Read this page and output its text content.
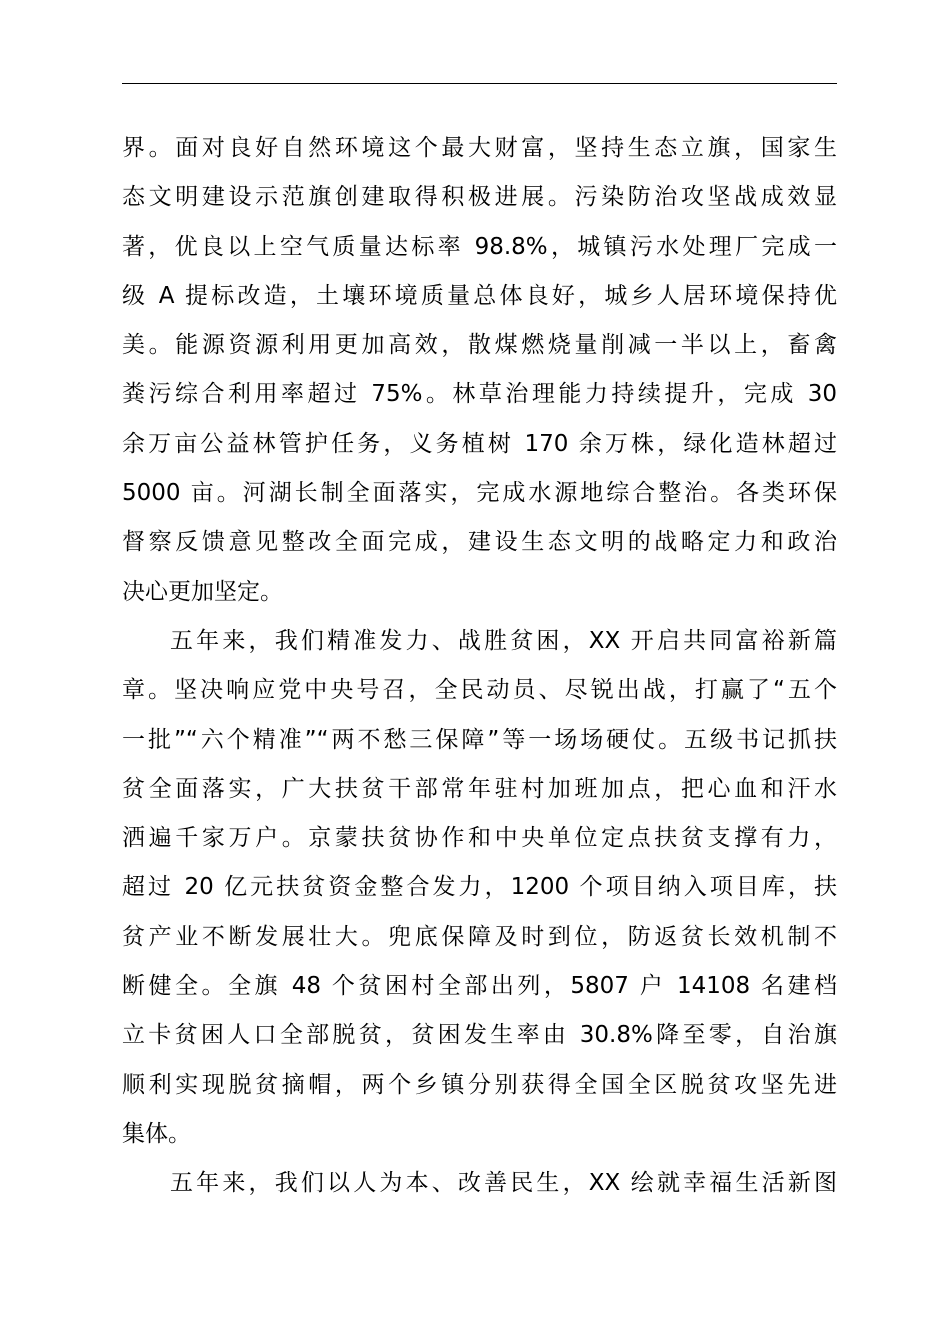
界。面对良好自然环境这个最大财富，坚持生态立旗，国家生
态文明建设示范旗创建取得积极进展。污染防治攻坚战成效显
著，优良以上空气质量达标率 98.8%，城镇污水处理厂完成一
级 A 提标改造，土壤环境质量总体良好，城乡人居环境保持优
美。能源资源利用更加高效，散煤燃烧量削减一半以上，畜禽
粪污综合利用率超过 75%。林草治理能力持续提升，完成 30
余万亩公益林管护任务，义务植树 170 余万株，绿化造林超过
5000 亩。河湖长制全面落实，完成水源地综合整治。各类环保
督察反馈意见整改全面完成，建设生态文明的战略定力和政治
决心更加坚定。
五年来，我们精准发力、战胜贫困，XX 开启共同富裕新篇
章。坚决响应党中央号召，全民动员、尽锐出战，打赢了“五个
一批”“六个精准”“两不愁三保障”等一场场硬仗。五级书记抓扶
贫全面落实，广大扶贫干部常年驻村加班加点，把心血和汗水
洒遍千家万户。京蒙扶贫协作和中央单位定点扶贫支撑有力，
超过 20 亿元扶贫资金整合发力，1200 个项目纳入项目库，扶
贫产业不断发展壮大。兜底保障及时到位，防返贫长效机制不
断健全。全旗 48 个贫困村全部出列，5807 户 14108 名建档
立卡贫困人口全部脱贫，贫困发生率由 30.8%降至零，自治旗
顺利实现脱贫摘帽，两个乡镇分别获得全国全区脱贫攻坚先进
集体。
五年来，我们以人为本、改善民生，XX 绘就幸福生活新图
